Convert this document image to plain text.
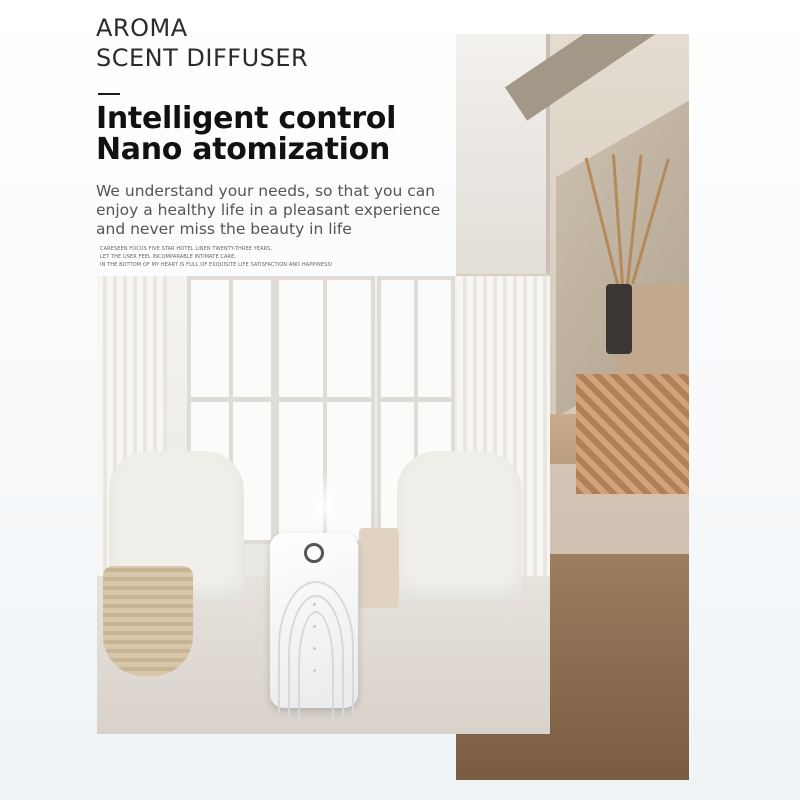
AROMA
SCENT DIFFUSER
Intelligent control
Nano atomization
We understand your needs, so that you can
enjoy a healthy life in a pleasant experience
and never miss the beauty in life
CARESEEN FOCUS FIVE STAR HOTEL LINEN TWENTY-THREE YEARS,
LET THE USER FEEL INCOMPARABLE INTIMATE CARE,
IN THE BOTTOM OF MY HEART IS FULL OF EXQUISITE LIFE SATISFACTION AND HAPPINESS!
